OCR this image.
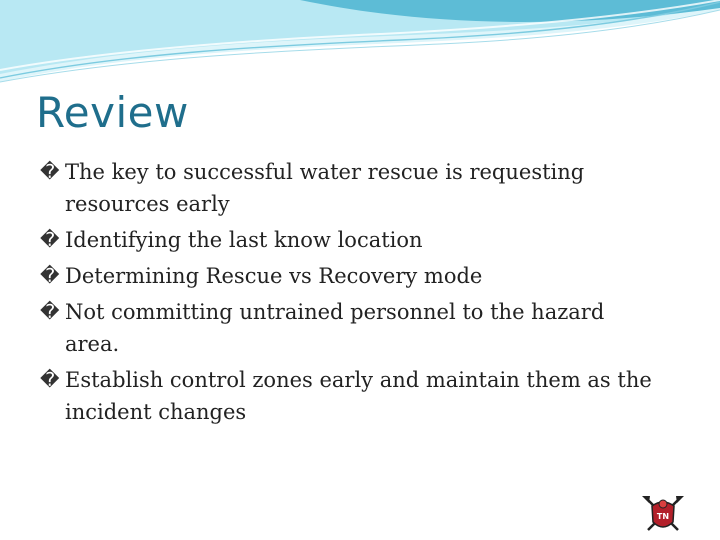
Review
� The key to successful water rescue is requesting resources early
� Identifying the last know location
� Determining Rescue vs Recovery mode
� Not committing untrained personnel to the hazard area.
� Establish control zones early and maintain them as the incident changes
TN
